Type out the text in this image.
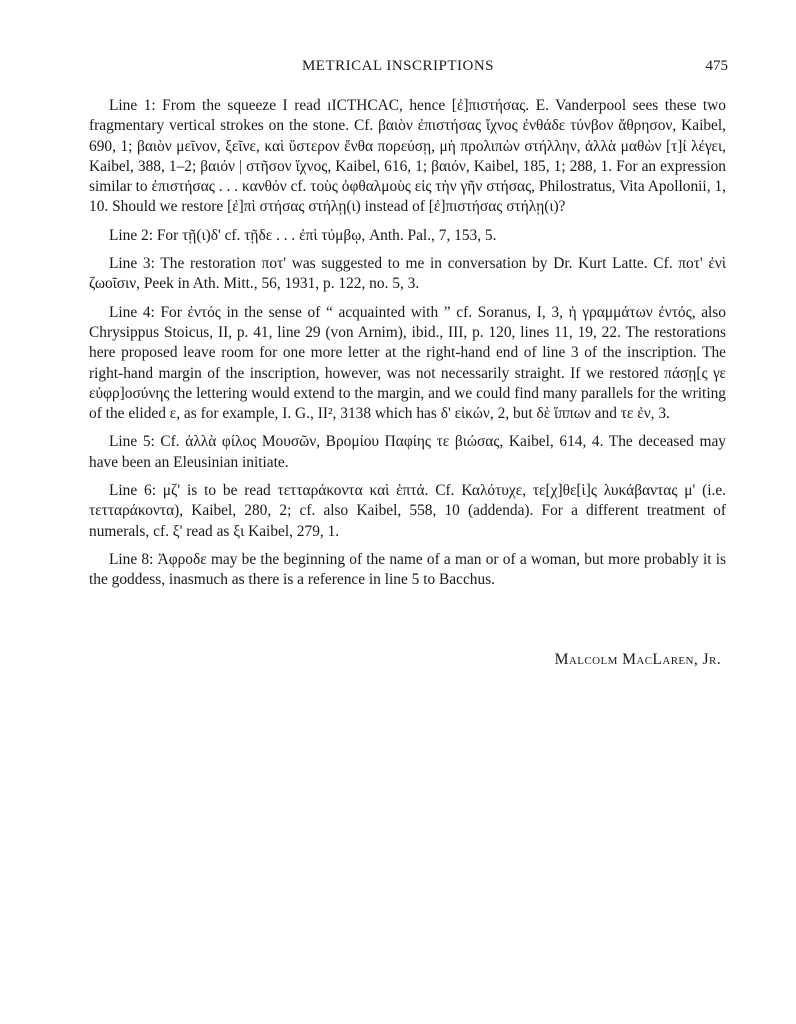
METRICAL INSCRIPTIONS	475

Line 1: From the squeeze I read ıICTHCAC, hence [ἐ]πιστήσας. E. Vanderpool sees these two fragmentary vertical strokes on the stone. Cf. βαιὸν ἐπιστήσας ἴχνος ἐνθάδε τύνβον ἄθρησον, Kaibel, 690, 1; βαιὸν μεῖνον, ξεῖνε, καὶ ὕστερον ἔνθα πορεύσῃ, μὴ προλιπὼν στήλλην, ἀλλὰ μαθὼν [τ]ί λέγει, Kaibel, 388, 1–2; βαιόν | στῆσον ἴχνος, Kaibel, 616, 1; βαιόν, Kaibel, 185, 1; 288, 1. For an expression similar to ἐπιστήσας . . . κανθόν cf. τοὺς ὀφθαλμοὺς εἰς τὴν γῆν στήσας, Philostratus, Vita Apollonii, 1, 10. Should we restore [ἐ]πὶ στήσας στήλῃ(ι) instead of [ἐ]πιστήσας στήλῃ(ι)?

Line 2: For τῇ(ι)δ' cf. τῇδε . . . ἐπὶ τύμβῳ, Anth. Pal., 7, 153, 5.

Line 3: The restoration ποτ' was suggested to me in conversation by Dr. Kurt Latte. Cf. ποτ' ἐνὶ ζωοῖσιν, Peek in Ath. Mitt., 56, 1931, p. 122, no. 5, 3.

Line 4: For ἐντός in the sense of “ acquainted with ” cf. Soranus, I, 3, ἡ γραμμάτων ἐντός, also Chrysippus Stoicus, II, p. 41, line 29 (von Arnim), ibid., III, p. 120, lines 11, 19, 22. The restorations here proposed leave room for one more letter at the right-hand end of line 3 of the inscription. The right-hand margin of the inscription, however, was not necessarily straight. If we restored πάσῃ[ς γε εὐφρ]οσύνης the lettering would extend to the margin, and we could find many parallels for the writing of the elided ε, as for example, I. G., II², 3138 which has δ' εἰκών, 2, but δὲ ἵππων and τε ἐν, 3.

Line 5: Cf. ἀλλὰ φίλος Μουσῶν, Βρομίου Παφίης τε βιώσας, Kaibel, 614, 4. The deceased may have been an Eleusinian initiate.

Line 6: μζ' is to be read τετταράκοντα καὶ ἑπτά. Cf. Καλότυχε, τε[χ]θε[ὶ]ς λυκάβαντας μ' (i.e. τετταράκοντα), Kaibel, 280, 2; cf. also Kaibel, 558, 10 (addenda). For a different treatment of numerals, cf. ξ' read as ξι Kaibel, 279, 1.

Line 8: Ἀφροδε may be the beginning of the name of a man or of a woman, but more probably it is the goddess, inasmuch as there is a reference in line 5 to Bacchus.

Malcolm MacLaren, Jr.
